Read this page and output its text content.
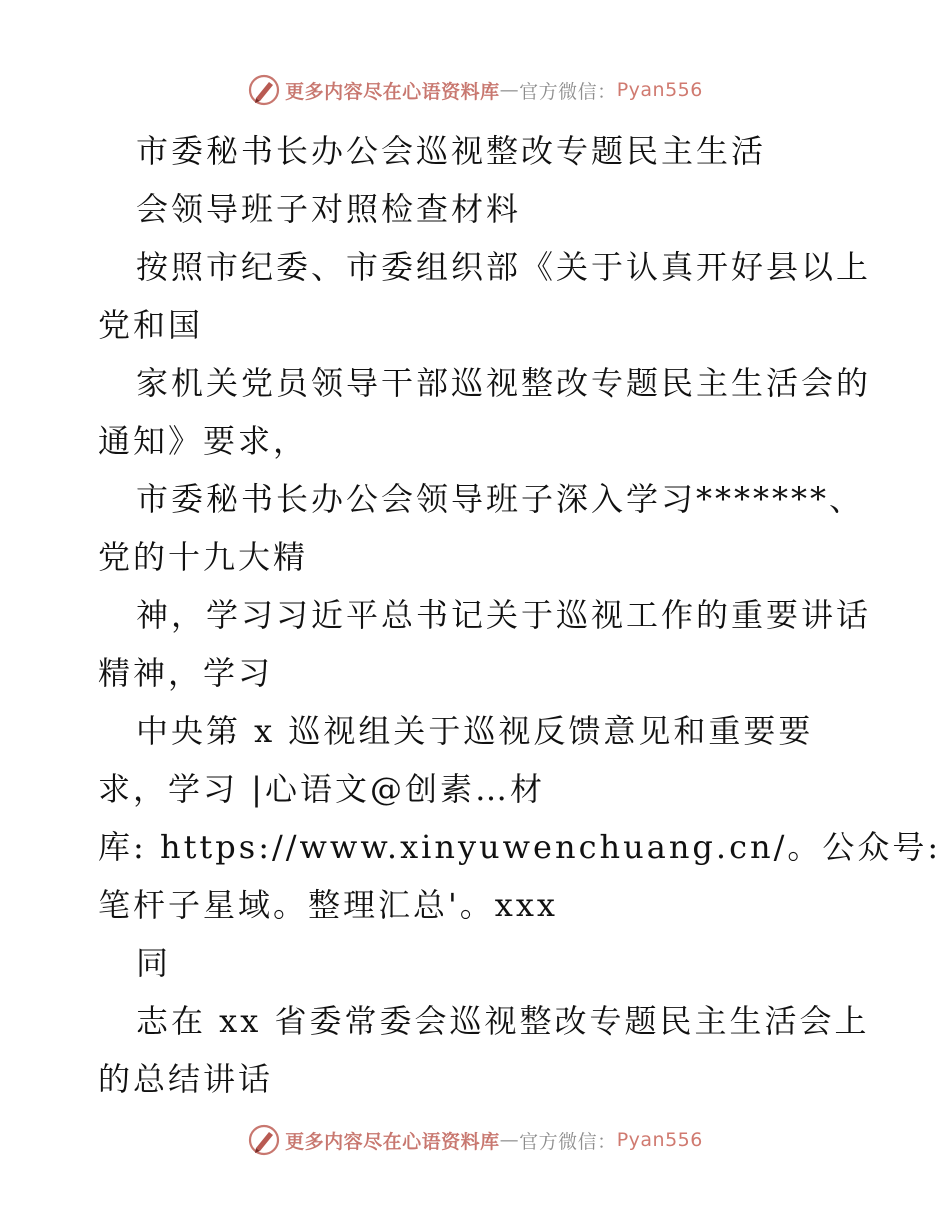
更多内容尽在心语资料库 — 官方微信： Pyan556
市委秘书长办公会巡视整改专题民主生活
会领导班子对照检查材料
按照市纪委、市委组织部《关于认真开好县以上
党和国
家机关党员领导干部巡视整改专题民主生活会的
通知》要求，
市委秘书长办公会领导班子深入学习*******、
党的十九大精
神，学习习近平总书记关于巡视工作的重要讲话
精神，学习
中央第 x 巡视组关于巡视反馈意见和重要要
求，学习 |心语文@创素…材
库: https://www.xinyuwenchuang.cn/。公众号:
笔杆子星域。整理汇总'。xxx
同
志在 xx 省委常委会巡视整改专题民主生活会上
的总结讲话
更多内容尽在心语资料库 — 官方微信： Pyan556
